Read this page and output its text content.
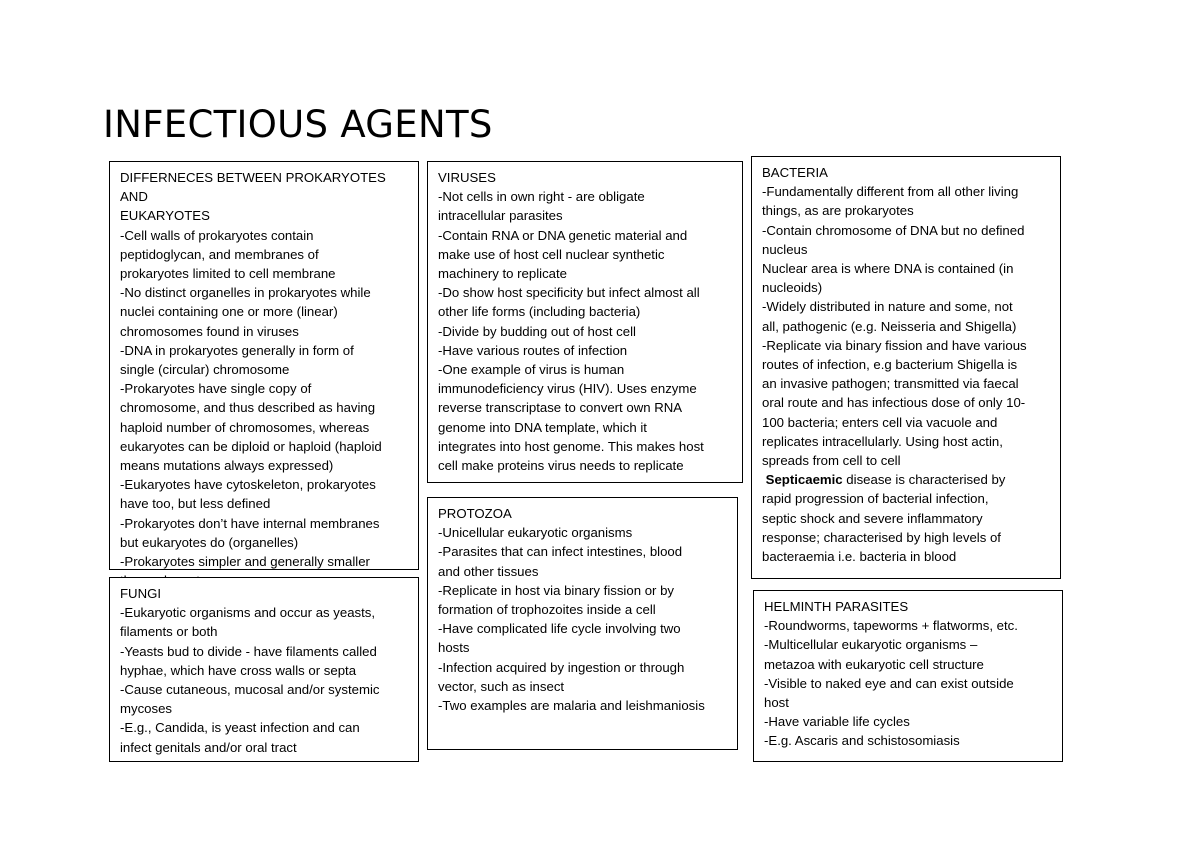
INFECTIOUS AGENTS

DIFFERNECES BETWEEN PROKARYOTES AND

EUKARYOTES

-Cell walls of prokaryotes contain
peptidoglycan, and membranes of
prokaryotes limited to cell membrane
-No distinct organelles in prokaryotes while
nuclei containing one or more (linear)
chromosomes found in viruses
-DNA in prokaryotes generally in form of
single (circular) chromosome
-Prokaryotes have single copy of
chromosome, and thus described as having
haploid number of chromosomes, whereas
eukaryotes can be diploid or haploid (haploid
means mutations always expressed)
-Eukaryotes have cytoskeleton, prokaryotes
have too, but less defined
-Prokaryotes don’t have internal membranes
but eukaryotes do (organelles)
-Prokaryotes simpler and generally smaller

FUNGI

-Eukaryotic organisms and occur as yeasts,
filaments or both
-Yeasts bud to divide - have filaments called
hyphae, which have cross walls or septa
-Cause cutaneous, mucosal and/or systemic
mycoses
-E.g., Candida, is yeast infection and can
infect genitals and/or oral tract

VIRUSES

-Not cells in own right - are obligate
intracellular parasites
-Contain RNA or DNA genetic material and
make use of host cell nuclear synthetic
machinery to replicate
-Do show host specificity but infect almost all
other life forms (including bacteria)
-Divide by budding out of host cell
-Have various routes of infection
-One example of virus is human
immunodeficiency virus (HIV). Uses enzyme
reverse transcriptase to convert own RNA
genome into DNA template, which it
integrates into host genome. This makes host
cell make proteins virus needs to replicate

PROTOZOA

-Unicellular eukaryotic organisms
-Parasites that can infect intestines, blood
and other tissues
-Replicate in host via binary fission or by
formation of trophozoites inside a cell
-Have complicated life cycle involving two
hosts
-Infection acquired by ingestion or through
vector, such as insect
-Two examples are malaria and leishmaniosis

BACTERIA

-Fundamentally different from all other living
things, as are prokaryotes
-Contain chromosome of DNA but no defined
nucleus
Nuclear area is where DNA is contained (in
nucleoids)
-Widely distributed in nature and some, not
all, pathogenic (e.g. Neisseria and Shigella)
-Replicate via binary fission and have various
routes of infection, e.g bacterium Shigella is
an invasive pathogen; transmitted via faecal
oral route and has infectious dose of only 10-
100 bacteria; enters cell via vacuole and
replicates intracellularly. Using host actin,
spreads from cell to cell

Septicaemic disease is characterised by

rapid progression of bacterial infection,
septic shock and severe inflammatory
response; characterised by high levels of
bacteraemia i.e. bacteria in blood

HELMINTH PARASITES

-Roundworms, tapeworms + flatworms, etc.
-Multicellular eukaryotic organisms –
metazoa with eukaryotic cell structure
-Visible to naked eye and can exist outside
host
-Have variable life cycles
-E.g. Ascaris and schistosomiasis
